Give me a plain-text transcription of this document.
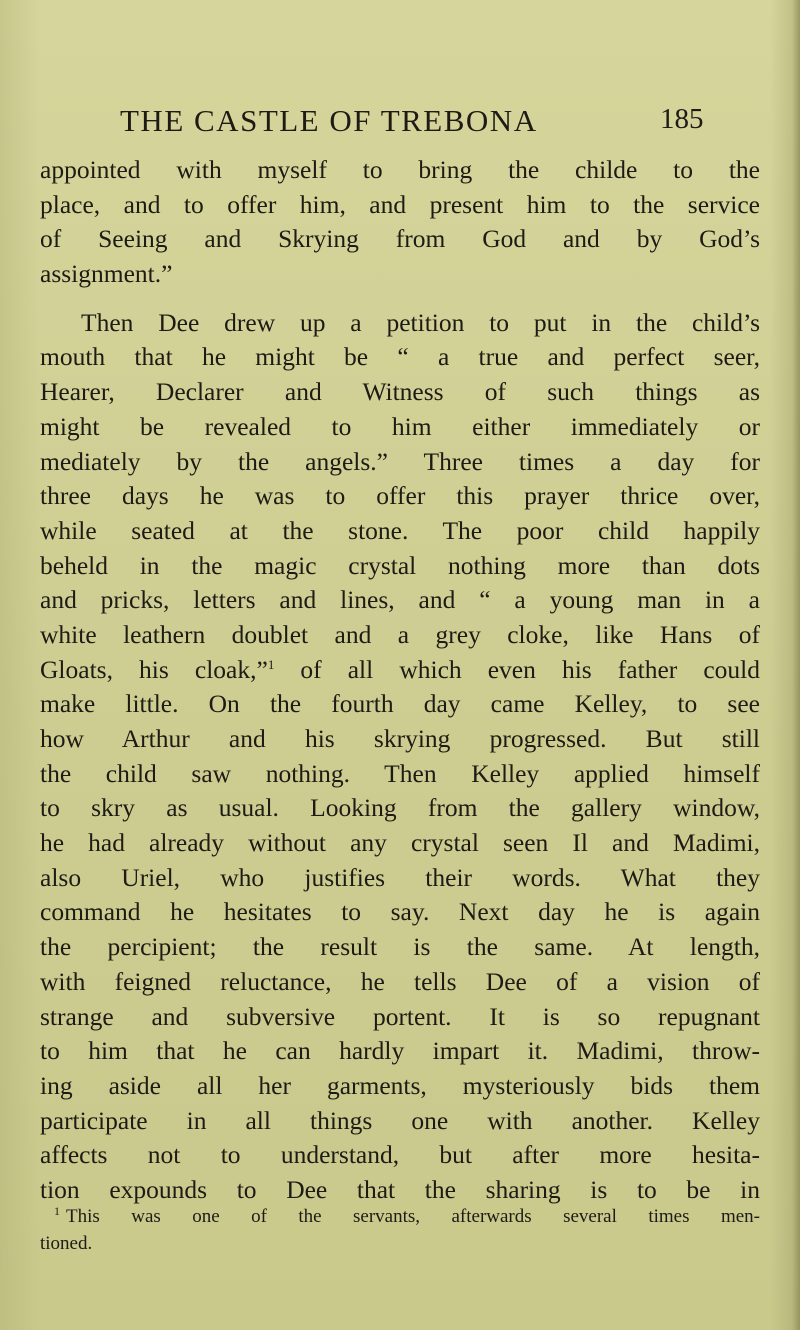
THE CASTLE OF TREBONA	185
appointed with myself to bring the childe to the
place, and to offer him, and present him to the service
of Seeing and Skrying from God and by God’s
assignment.”
Then Dee drew up a petition to put in the child’s
mouth that he might be “ a true and perfect seer,
Hearer, Declarer and Witness of such things as
might be revealed to him either immediately or
mediately by the angels.” Three times a day for
three days he was to offer this prayer thrice over,
while seated at the stone. The poor child happily
beheld in the magic crystal nothing more than dots
and pricks, letters and lines, and “ a young man in a
white leathern doublet and a grey cloke, like Hans of
Gloats, his cloak,”$^1$ of all which even his father could
make little. On the fourth day came Kelley, to see
how Arthur and his skrying progressed. But still
the child saw nothing. Then Kelley applied himself
to skry as usual. Looking from the gallery window,
he had already without any crystal seen Il and Madimi,
also Uriel, who justifies their words. What they
command he hesitates to say. Next day he is again
the percipient; the result is the same. At length,
with feigned reluctance, he tells Dee of a vision of
strange and subversive portent. It is so repugnant
to him that he can hardly impart it. Madimi, throw-
ing aside all her garments, mysteriously bids them
participate in all things one with another. Kelley
affects not to understand, but after more hesita-
tion expounds to Dee that the sharing is to be in
$^1$ This was one of the servants, afterwards several times men-
tioned.
